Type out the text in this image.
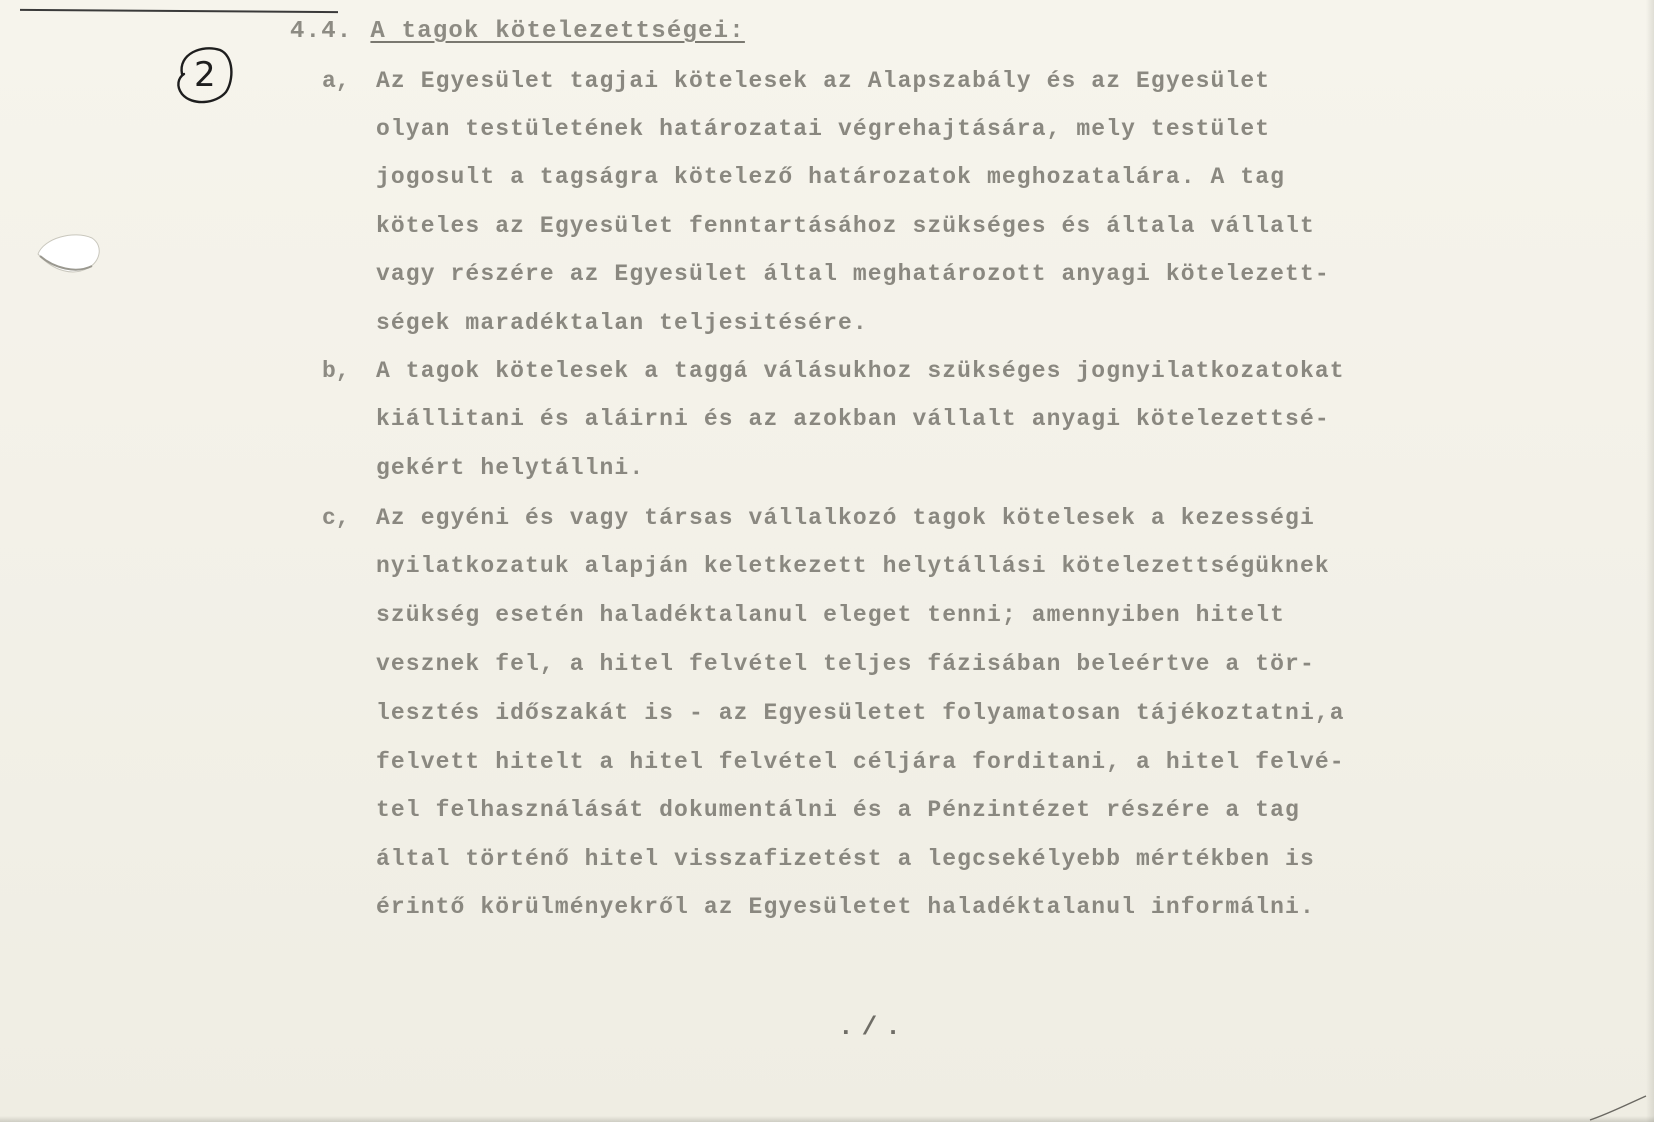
2
4.4. A tagok kötelezettségei:
a, Az Egyesület tagjai kötelesek az Alapszabály és az Egyesület
olyan testületének határozatai végrehajtására, mely testület
jogosult a tagságra kötelező határozatok meghozatalára. A tag
köteles az Egyesület fenntartásához szükséges és általa vállalt
vagy részére az Egyesület által meghatározott anyagi kötelezett-
ségek maradéktalan teljesitésére.
b, A tagok kötelesek a taggá válásukhoz szükséges jognyilatkozatokat
kiállitani és aláirni és az azokban vállalt anyagi kötelezettsé-
gekért helytállni.
c, Az egyéni és vagy társas vállalkozó tagok kötelesek a kezességi
nyilatkozatuk alapján keletkezett helytállási kötelezettségüknek
szükség esetén haladéktalanul eleget tenni; amennyiben hitelt
vesznek fel, a hitel felvétel teljes fázisában beleértve a tör-
lesztés időszakát is - az Egyesületet folyamatosan tájékoztatni,a
felvett hitelt a hitel felvétel céljára forditani, a hitel felvé-
tel felhasználását dokumentálni és a Pénzintézet részére a tag
által történő hitel visszafizetést a legcsekélyebb mértékben is
érintő körülményekről az Egyesületet haladéktalanul informálni.
./.
